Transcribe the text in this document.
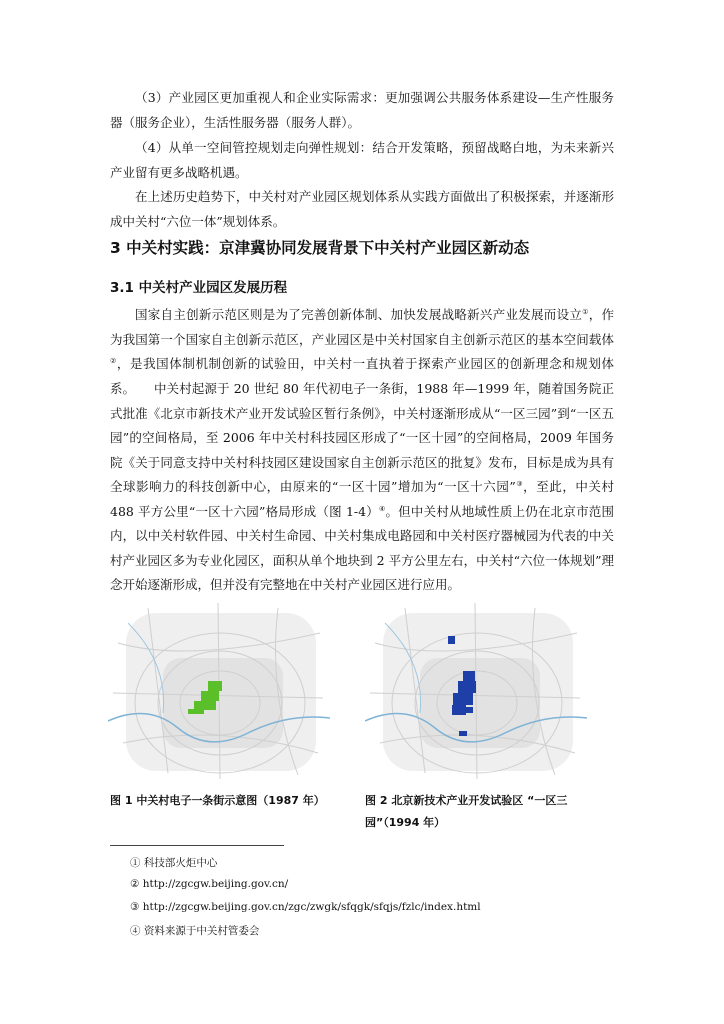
（3）产业园区更加重视人和企业实际需求：更加强调公共服务体系建设—生产性服务器（服务企业），生活性服务器（服务人群）。

（4）从单一空间管控规划走向弹性规划：结合开发策略，预留战略白地，为未来新兴产业留有更多战略机遇。

在上述历史趋势下，中关村对产业园区规划体系从实践方面做出了积极探索，并逐渐形成中关村“六位一体”规划体系。

3 中关村实践：京津冀协同发展背景下中关村产业园区新动态
3.1 中关村产业园区发展历程

国家自主创新示范区则是为了完善创新体制、加快发展战略新兴产业发展而设立①，作为我国第一个国家自主创新示范区，产业园区是中关村国家自主创新示范区的基本空间载体②，是我国体制机制创新的试验田，中关村一直执着于探索产业园区的创新理念和规划体系。	中关村起源于 20 世纪 80 年代初电子一条街，1988 年—1999 年，随着国务院正式批准《北京市新技术产业开发试验区暂行条例》，中关村逐渐形成从“一区三园”到“一区五园”的空间格局，至 2006 年中关村科技园区形成了“一区十园”的空间格局，2009 年国务院《关于同意支持中关村科技园区建设国家自主创新示范区的批复》发布，目标是成为具有全球影响力的科技创新中心，由原来的“一区十园”增加为“一区十六园”③，至此，中关村 488 平方公里“一区十六园”格局形成（图 1-4）④。但中关村从地域性质上仍在北京市范围内，以中关村软件园、中关村生命园、中关村集成电路园和中关村医疗器械园为代表的中关村产业园区多为专业化园区，面积从单个地块到 2 平方公里左右，中关村“六位一体规划”理念开始逐渐形成，但并没有完整地在中关村产业园区进行应用。

图 1 中关村电子一条街示意图（1987 年）	图 2 北京新技术产业开发试验区 “一区三园”（1994 年）

① 科技部火炬中心

② http://zgcgw.beijing.gov.cn/

③ http://zgcgw.beijing.gov.cn/zgc/zwgk/sfqgk/sfqjs/fzlc/index.html

④ 资料来源于中关村管委会
